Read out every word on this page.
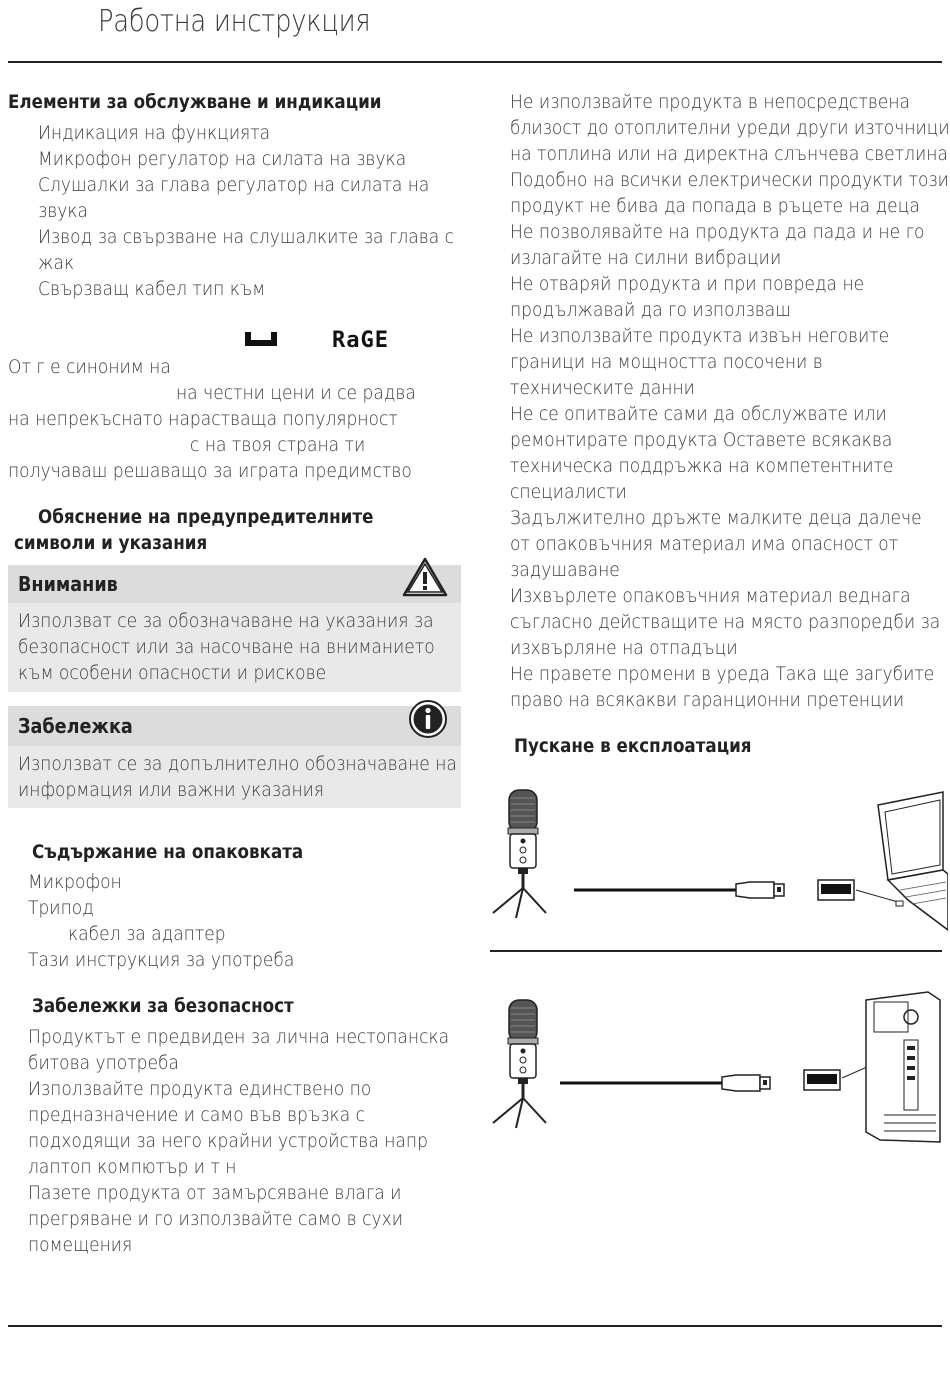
Работна инструкция
Елементи за обслужване и индикации
Индикация на функцията
Микрофон регулатор на силата на звука
Слушалки за глава регулатор на силата на
звука
Извод за свързване на слушалките за глава с
жак
Свързващ кабел тип към
RaGE
От г е синоним на
на честни цени и се радва
на непрекъснато нарастваща популярност
с на твоя страна ти
получаваш решаващо за играта предимство
Обяснение на предупредителните
символи и указания
Вниманив
Използват се за обозначаване на указания за
безопасност или за насочване на вниманието
към особени опасности и рискове
Забележка
Използват се за допълнително обозначаване на
информация или важни указания
Съдържание на опаковката
Микрофон
Трипод
кабел за адаптер
Тази инструкция за употреба
Забележки за безопасност
Продуктът е предвиден за лична нестопанска
битова употреба
Използвайте продукта единствено по
предназначение и само във връзка с
подходящи за него крайни устройства напр
лаптоп компютър и т н
Пазете продукта от замърсяване влага и
прегряване и го използвайте само в сухи
помещения
Не използвайте продукта в непосредствена
близост до отоплителни уреди други източници
на топлина или на директна слънчева светлина
Подобно на всички електрически продукти този
продукт не бива да попада в ръцете на деца
Не позволявайте на продукта да пада и не го
излагайте на силни вибрации
Не отваряй продукта и при повреда не
продължавай да го използваш
Не използвайте продукта извън неговите
граници на мощността посочени в
техническите данни
Не се опитвайте сами да обслужвате или
ремонтирате продукта Оставете всякаква
техническа поддръжка на компетентните
специалисти
Задължително дръжте малките деца далече
от опаковъчния материал има опасност от
задушаване
Изхвърлете опаковъчния материал веднага
съгласно действащите на място разпоредби за
изхвърляне на отпадъци
Не правете промени в уреда Така ще загубите
право на всякакви гаранционни претенции
Пускане в експлоатация
